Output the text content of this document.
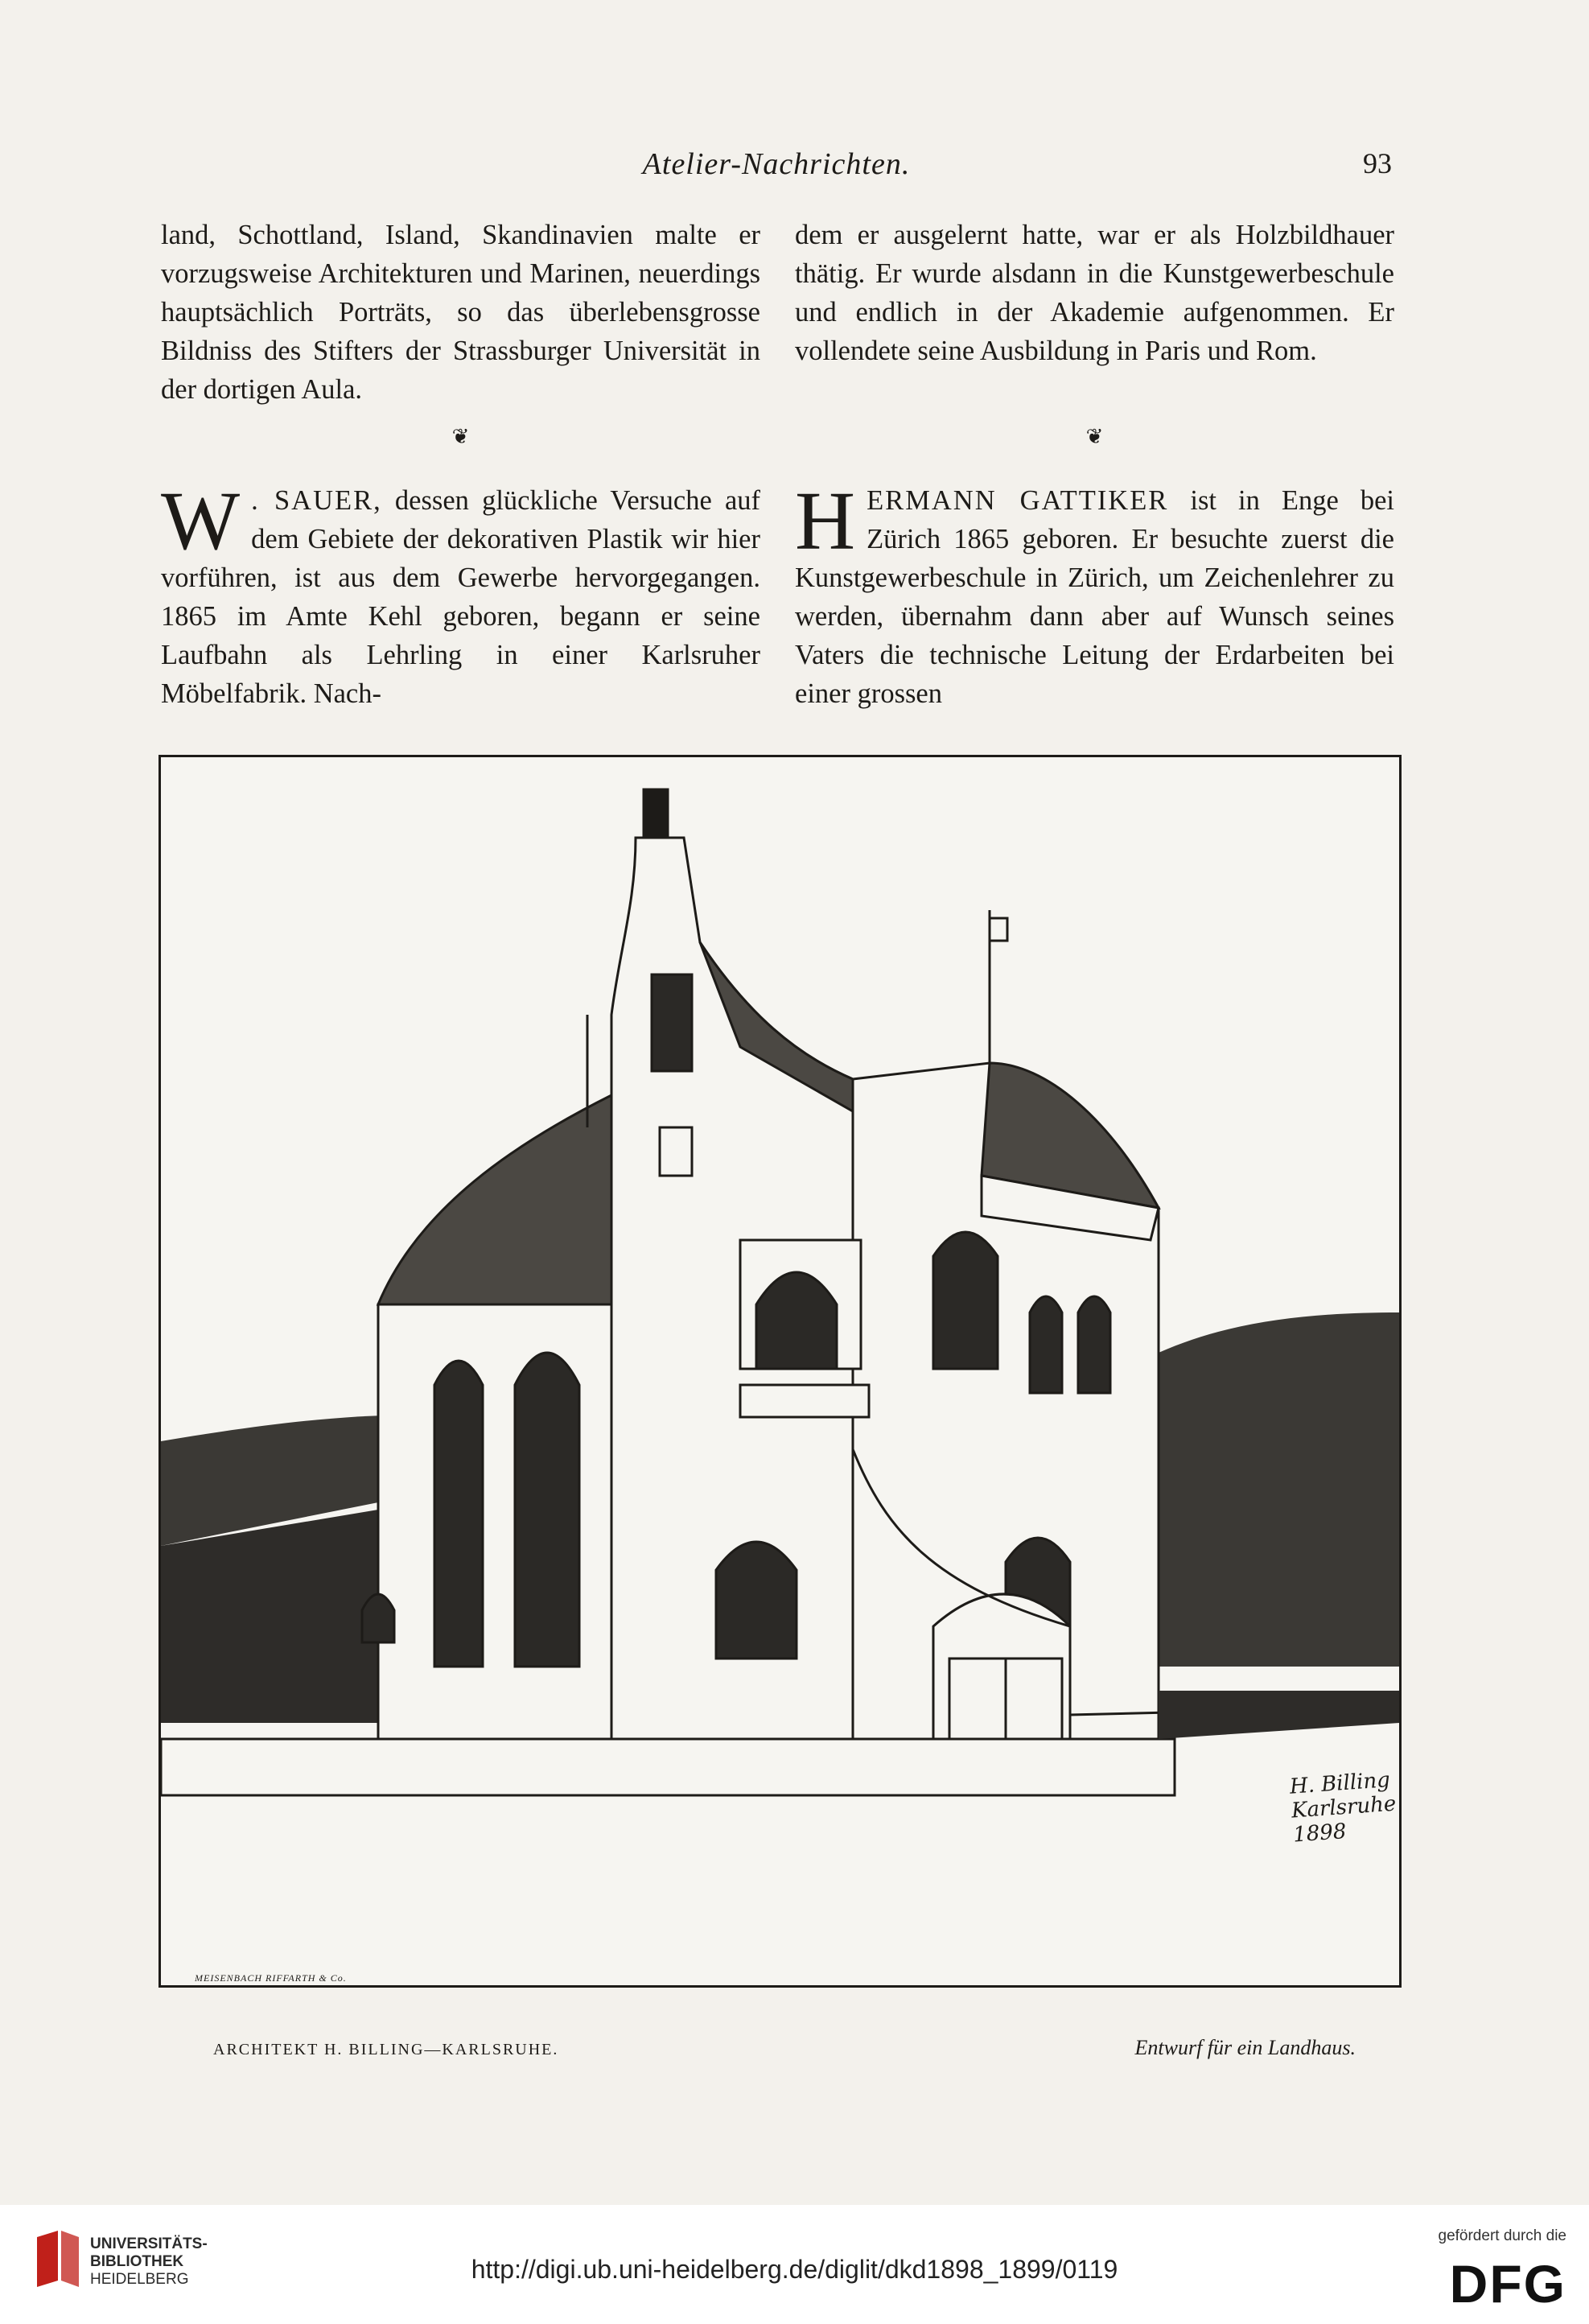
Atelier-Nachrichten.	93

land, Schottland, Island, Skandinavien malte er vorzugsweise Architekturen und Marinen, neuerdings hauptsächlich Porträts, so das überlebensgrosse Bildniss des Stifters der Strassburger Universität in der dortigen Aula.

❦

W . SAUER, dessen glückliche Versuche auf dem Gebiete der dekorativen Plastik wir hier vorführen, ist aus dem Gewerbe hervorgegangen. 1865 im Amte Kehl geboren, begann er seine Laufbahn als Lehrling in einer Karlsruher Möbelfabrik. Nach-

dem er ausgelernt hatte, war er als Holzbildhauer thätig. Er wurde alsdann in die Kunstgewerbeschule und endlich in der Akademie aufgenommen. Er vollendete seine Ausbildung in Paris und Rom.

❦

HERMANN GATTIKER ist in Enge bei Zürich 1865 geboren. Er besuchte zuerst die Kunstgewerbeschule in Zürich, um Zeichenlehrer zu werden, übernahm dann aber auf Wunsch seines Vaters die technische Leitung der Erdarbeiten bei einer grossen

H. Billing Karlsruhe 1898
MEISENBACH RIFFARTH & Co.
ARCHITEKT H. BILLING—KARLSRUHE.	Entwurf für ein Landhaus.
UNIVERSITÄTS-
BIBLIOTHEK
HEIDELBERG	http://digi.ub.uni-heidelberg.de/diglit/dkd1898_1899/0119
gefördert durch die
DFG
